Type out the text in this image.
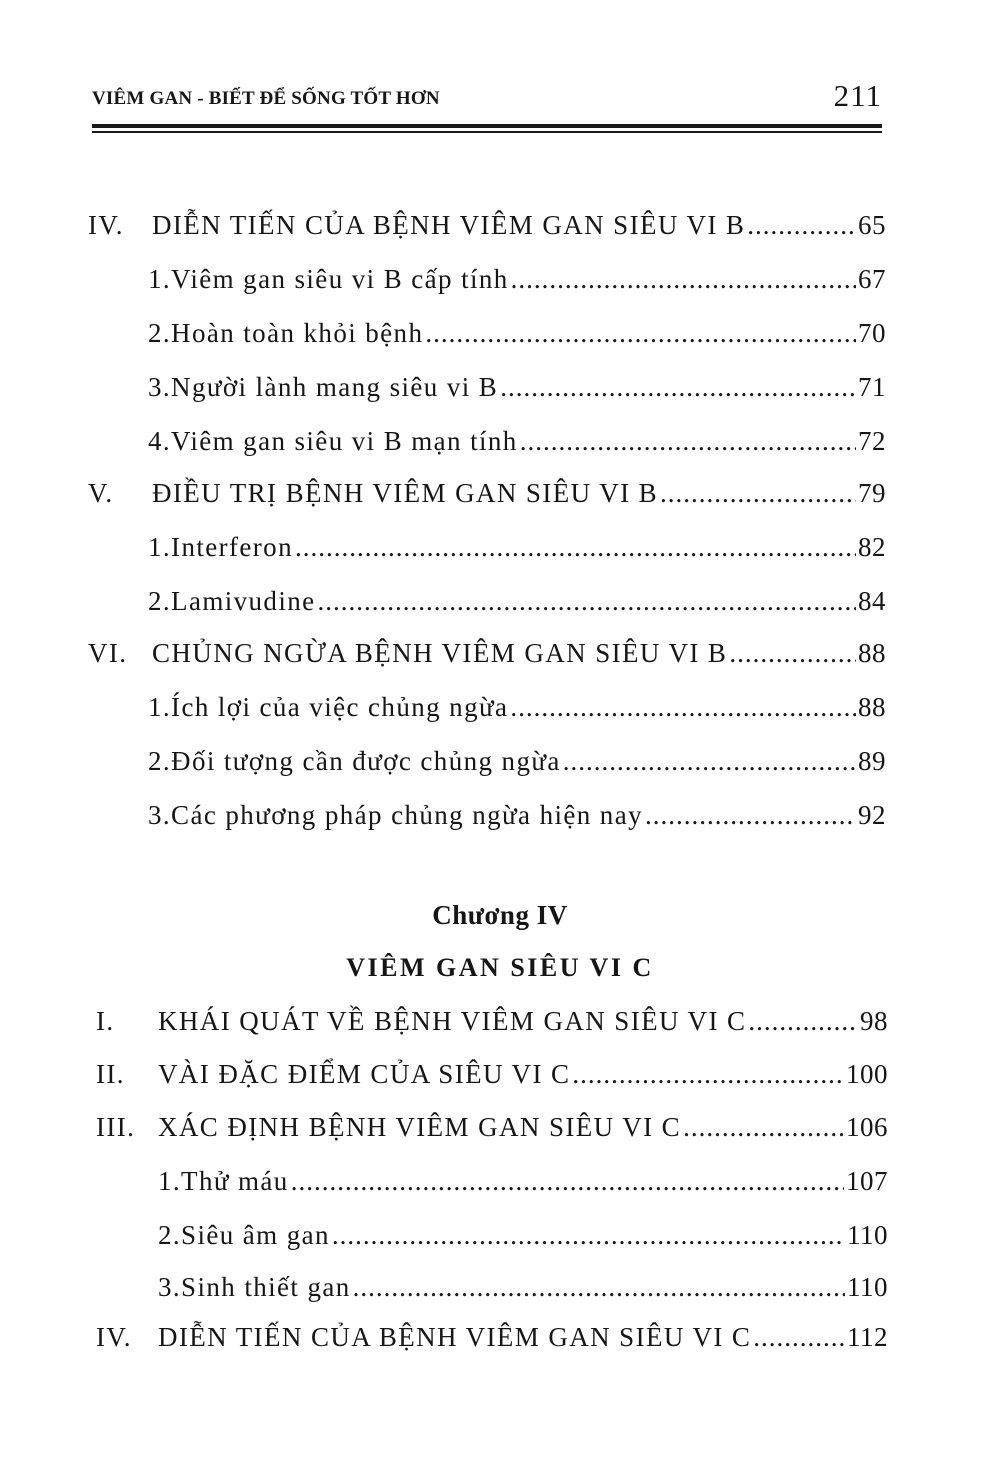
VIÊM GAN - BIẾT ĐỂ SỐNG TỐT HƠN	211
IV.	DIỄN TIẾN CỦA BỆNH VIÊM GAN SIÊU VI B .....	65
1.Viêm gan siêu vi B cấp tính .....	67
2.Hoàn toàn khỏi bệnh .....	70
3.Người lành mang siêu vi B .....	71
4.Viêm gan siêu vi B mạn tính .....	72
V.	ĐIỀU TRỊ BỆNH VIÊM GAN SIÊU VI B .....	79
1.Interferon .....	82
2.Lamivudine .....	84
VI. CHỦNG NGỪA BỆNH VIÊM GAN SIÊU VI B .....	88
1.Ích lợi của việc chủng ngừa .....	88
2.Đối tượng cần được chủng ngừa .....	89
3.Các phương pháp chủng ngừa hiện nay .....	92
Chương IV
VIÊM GAN SIÊU VI C
I.	KHÁI QUÁT VỀ BỆNH VIÊM GAN SIÊU VI C .....	98
II.	VÀI ĐẶC ĐIỂM CỦA SIÊU VI C .....	100
III. XÁC ĐỊNH BỆNH VIÊM GAN SIÊU VI C .....	106
1.Thử máu .....	107
2.Siêu âm gan .....	110
3.Sinh thiết gan .....	110
IV. DIỄN TIẾN CỦA BỆNH VIÊM GAN SIÊU VI C .....	112
